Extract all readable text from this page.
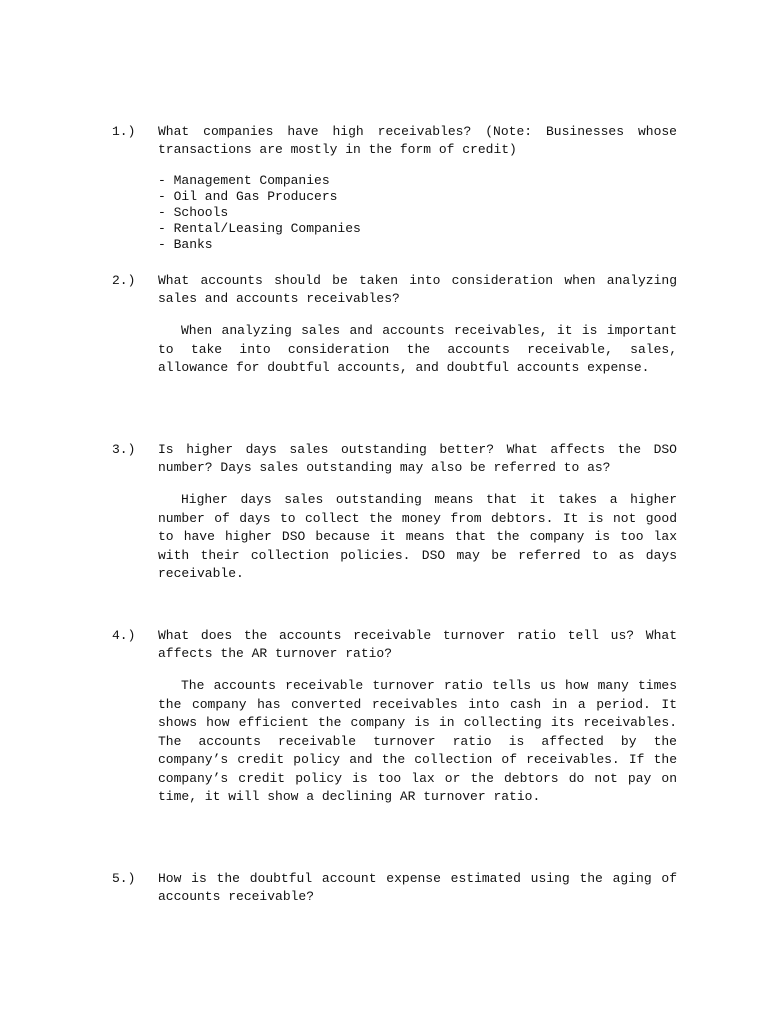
1.) What companies have high receivables? (Note: Businesses whose transactions are mostly in the form of credit)

- Management Companies
- Oil and Gas Producers
- Schools
- Rental/Leasing Companies
- Banks
2.) What accounts should be taken into consideration when analyzing sales and accounts receivables?

When analyzing sales and accounts receivables, it is important to take into consideration the accounts receivable, sales, allowance for doubtful accounts, and doubtful accounts expense.

3.) Is higher days sales outstanding better? What affects the DSO number? Days sales outstanding may also be referred to as?

Higher days sales outstanding means that it takes a higher number of days to collect the money from debtors. It is not good to have higher DSO because it means that the company is too lax with their collection policies. DSO may be referred to as days receivable.

4.) What does the accounts receivable turnover ratio tell us? What affects the AR turnover ratio?

The accounts receivable turnover ratio tells us how many times the company has converted receivables into cash in a period. It shows how efficient the company is in collecting its receivables. The accounts receivable turnover ratio is affected by the company’s credit policy and the collection of receivables. If the company’s credit policy is too lax or the debtors do not pay on time, it will show a declining AR turnover ratio.

5.) How is the doubtful account expense estimated using the aging of accounts receivable?
